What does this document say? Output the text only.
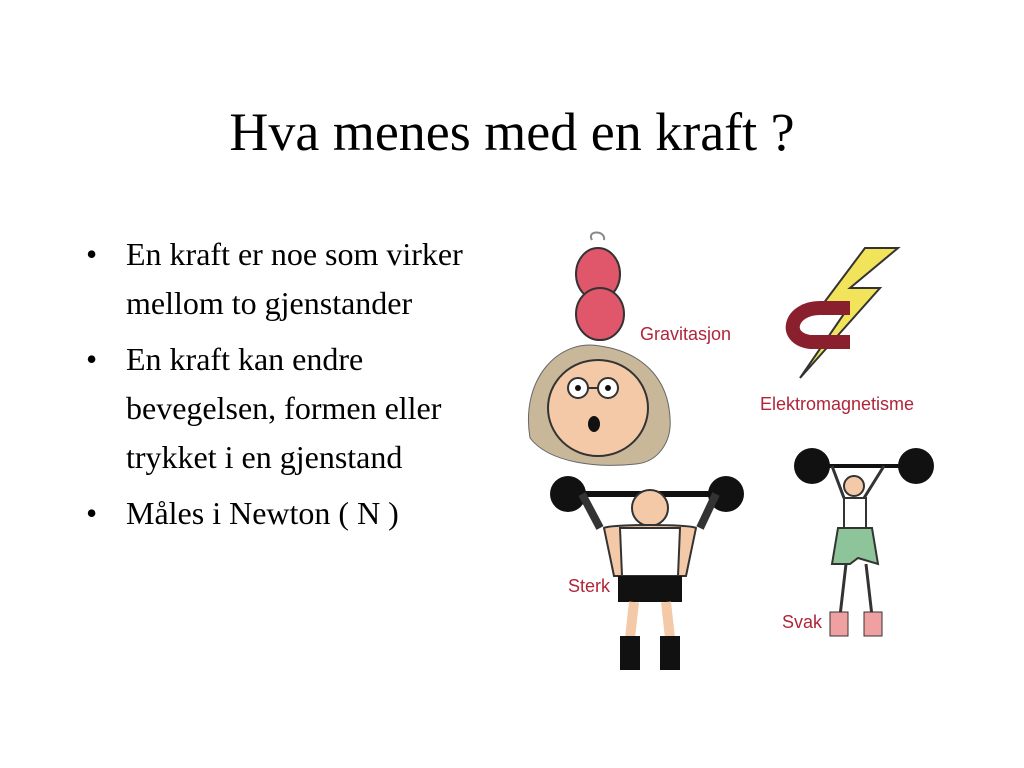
Hva menes med en kraft ?
• En kraft er noe som virker mellom to gjenstander
• En kraft kan endre bevegelsen, formen eller trykket i en gjenstand
• Måles i Newton ( N )
Gravitasjon
Elektromagnetisme
Sterk
Svak
